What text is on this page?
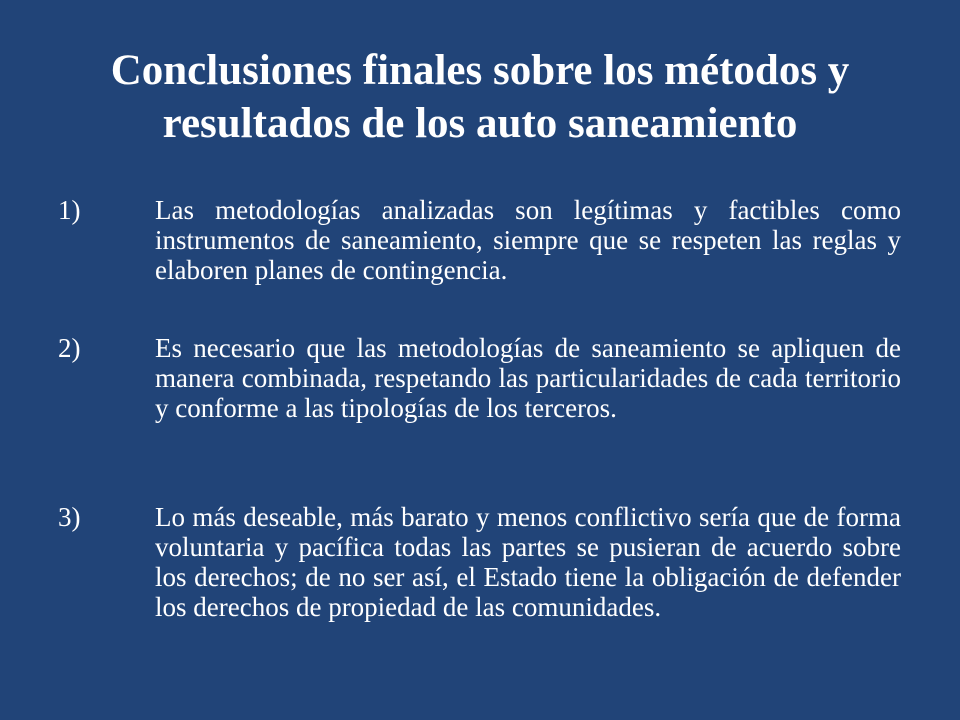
Conclusiones finales sobre los métodos y
resultados de los auto saneamiento
1)	Las metodologías analizadas son legítimas y factibles como instrumentos de saneamiento, siempre que se respeten las reglas y elaboren planes de contingencia.

2)	Es necesario que las metodologías de saneamiento se apliquen de manera combinada, respetando las particularidades de cada territorio y conforme a las tipologías de los terceros.

3)	Lo más deseable, más barato y menos conflictivo sería que de forma voluntaria y pacífica todas las partes se pusieran de acuerdo sobre los derechos; de no ser así, el Estado tiene la obligación de defender los derechos de propiedad de las comunidades.
